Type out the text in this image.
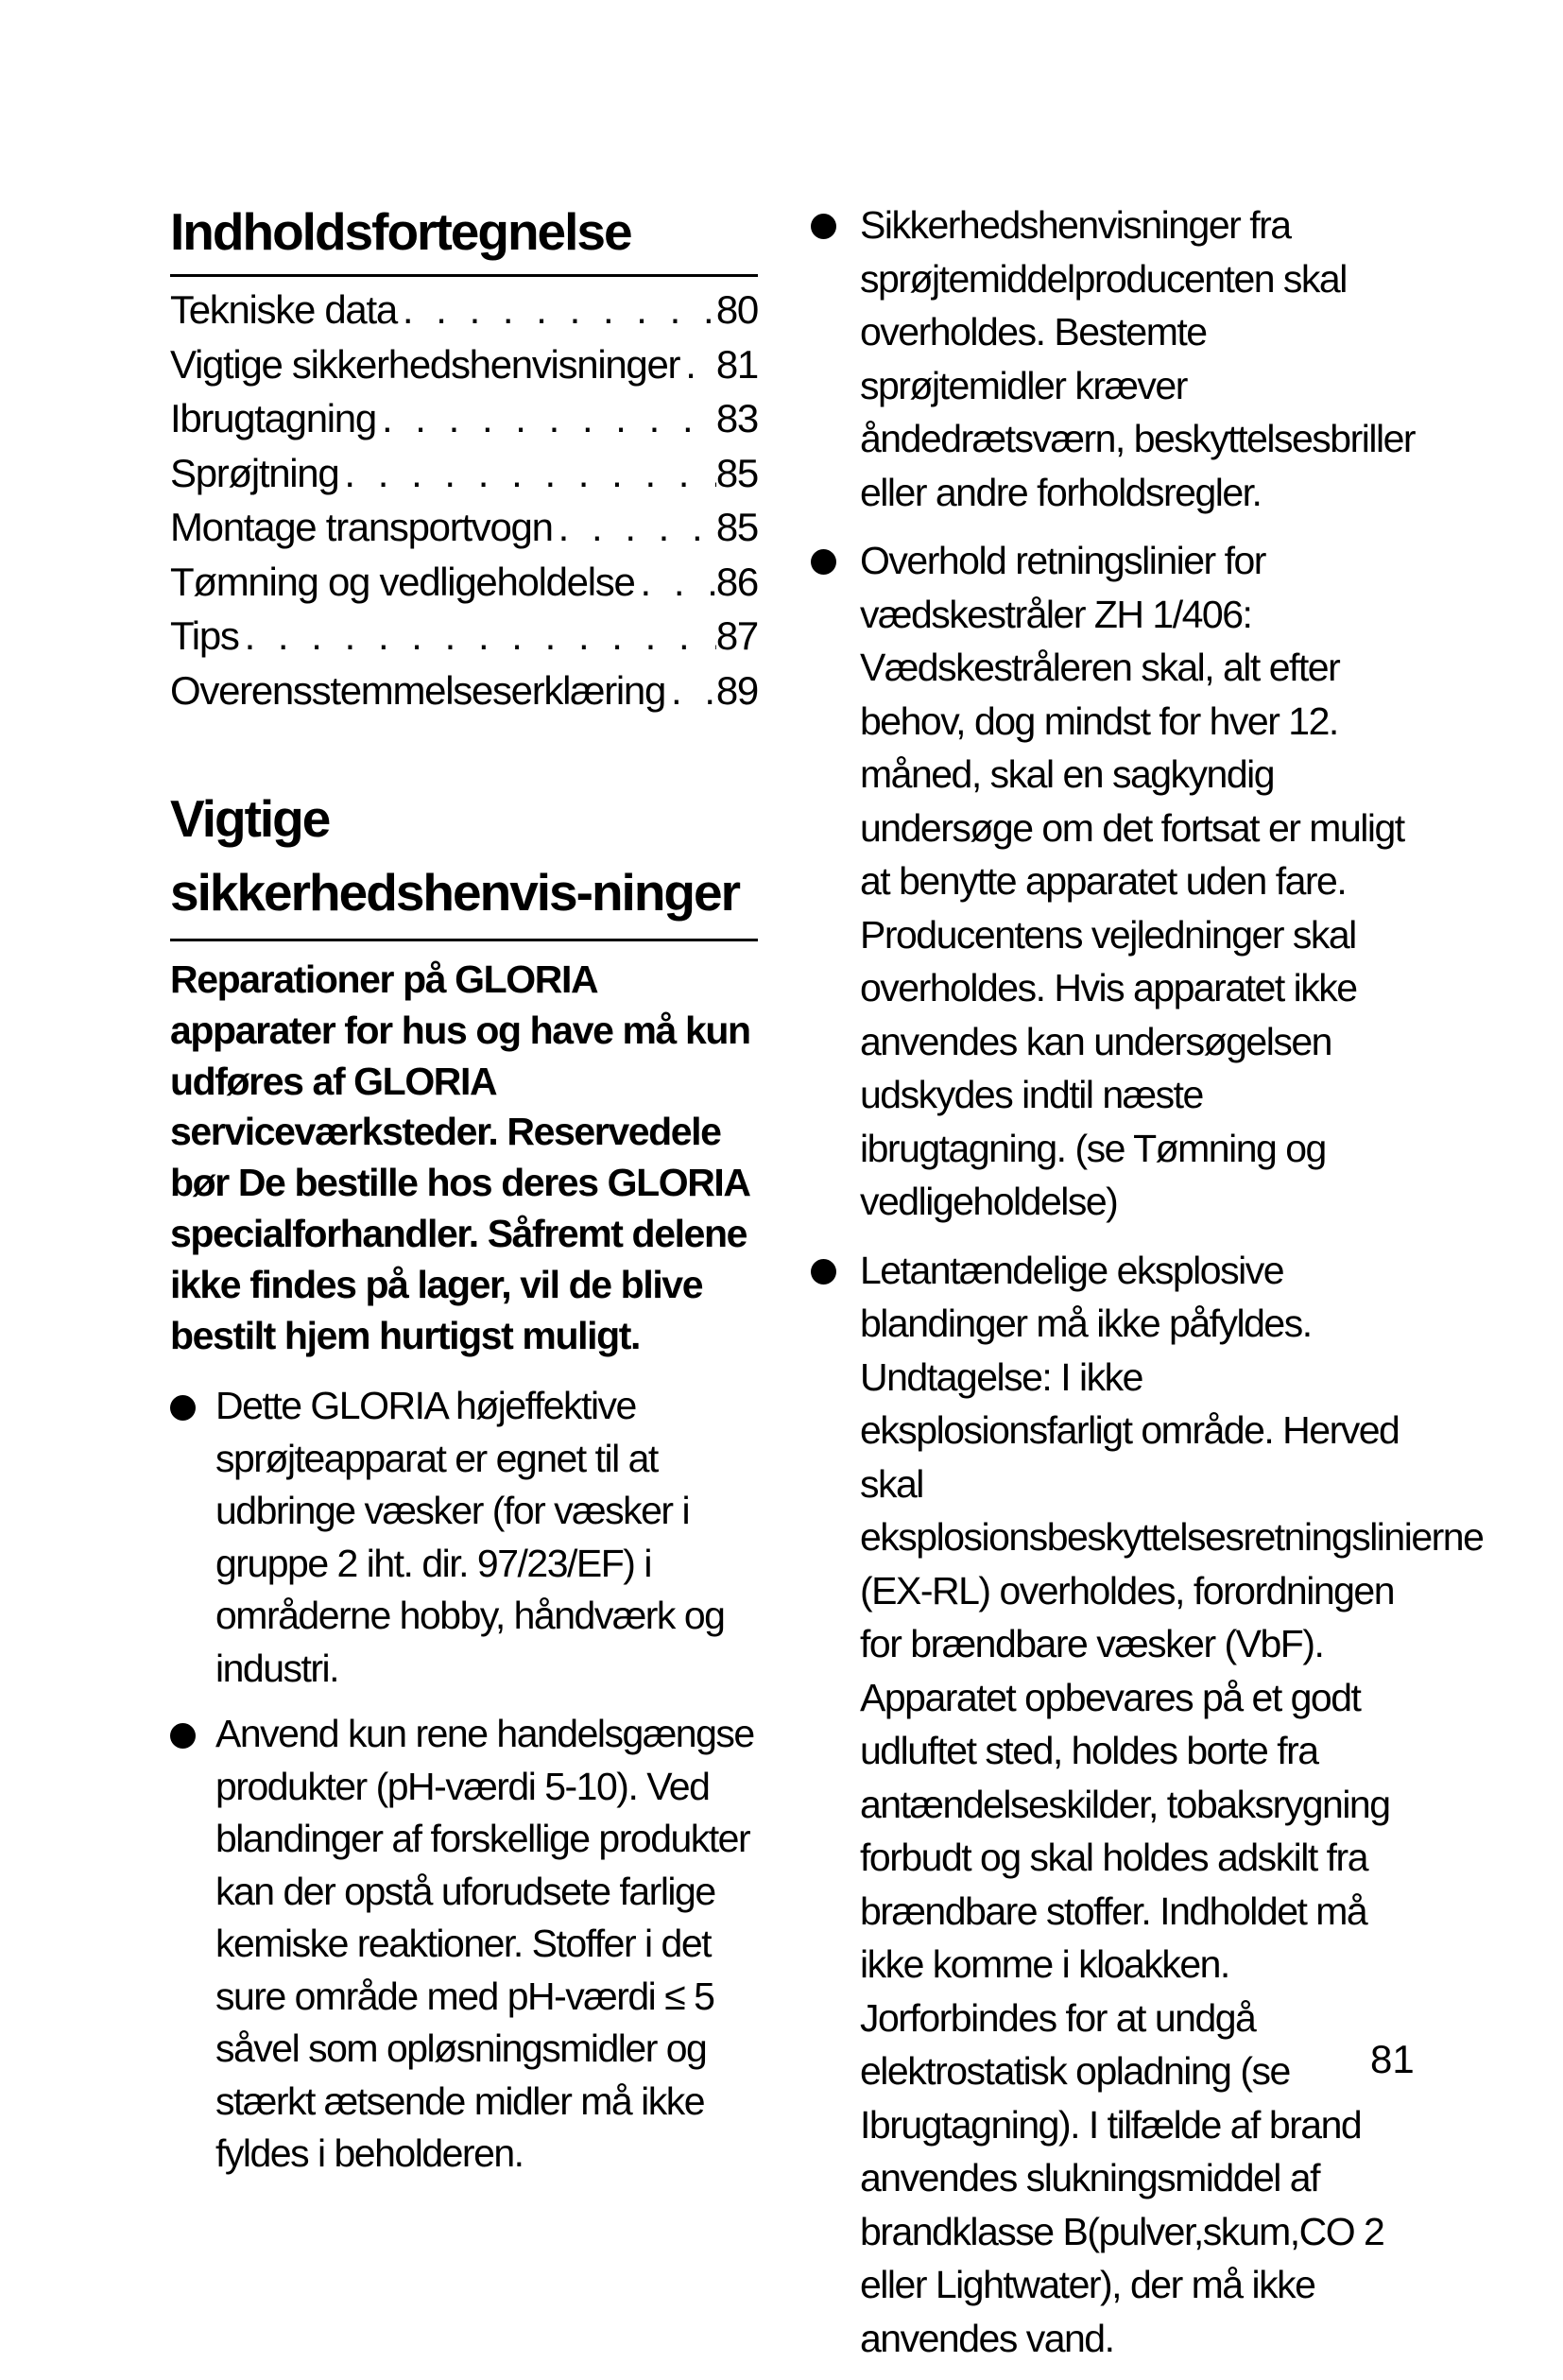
Indholdsfortegnelse
Tekniske data . . .	80
Vigtige sikkerhedshenvisninger . . . 81
Ibrugtagning . . .	83
Sprøjtning . . .	85
Montage transportvogn . . .	85
Tømning og vedligeholdelse . . . 86
Tips . . .	87
Overensstemmelseserklæring . . . 89
Vigtige sikkerhedshenvis-ninger

Reparationer på GLORIA apparater for hus og have må kun udføres af GLORIA serviceværksteder. Reservedele bør De bestille hos deres GLORIA specialforhandler. Såfremt delene ikke findes på lager, vil de blive bestilt hjem hurtigst muligt.

Dette GLORIA højeffektive sprøjteapparat er egnet til at udbringe væsker (for væsker i gruppe 2 iht. dir. 97/23/EF) i områderne hobby, håndværk og industri.
Anvend kun rene handelsgængse produkter (pH-værdi 5-10). Ved blandinger af forskellige produkter kan der opstå uforudsete farlige kemiske reaktioner. Stoffer i det sure område med pH-værdi ≤ 5 såvel som opløsningsmidler og stærkt ætsende midler må ikke fyldes i beholderen.
Sikkerhedshenvisninger fra sprøjtemiddelproducenten skal overholdes. Bestemte sprøjtemidler kræver åndedrætsværn, beskyttelsesbriller eller andre forholdsregler.
Overhold retningslinier for vædskestråler ZH 1/406: Vædskestråleren skal, alt efter behov, dog mindst for hver 12. måned, skal en sagkyndig undersøge om det fortsat er muligt at benytte apparatet uden fare. Producentens vejledninger skal overholdes. Hvis apparatet ikke anvendes kan undersøgelsen udskydes indtil næste ibrugtagning. (se Tømning og vedligeholdelse)
Letantændelige eksplosive blandinger må ikke påfyldes. Undtagelse: I ikke eksplosionsfarligt område. Herved skal eksplosionsbeskyttelsesretningslinierne (EX-RL) overholdes, forordningen for brændbare væsker (VbF). Apparatet opbevares på et godt udluftet sted, holdes borte fra antændelseskilder, tobaksrygning forbudt og skal holdes adskilt fra brændbare stoffer. Indholdet må ikke komme i kloakken. Jorforbindes for at undgå elektrostatisk opladning (se Ibrugtagning). I tilfælde af brand anvendes slukningsmiddel af brandklasse B(pulver,skum,CO 2 eller Lightwater), der må ikke anvendes vand.
81
